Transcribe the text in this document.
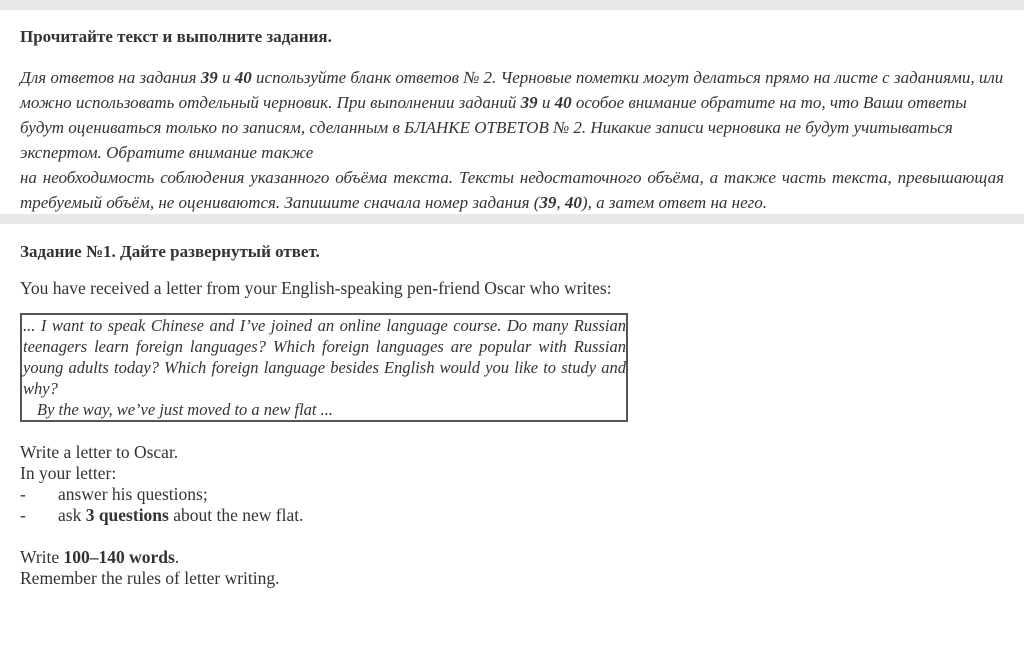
Прочитайте текст и выполните задания.

Для ответов на задания 39 и 40 используйте бланк ответов № 2. Черновые пометки могут делаться прямо на листе с заданиями, или можно использовать отдельный черновик. При выполнении заданий 39 и 40 особое внимание обратите на то, что Ваши ответы будут оцениваться только по записям, сделанным в БЛАНКЕ ОТВЕТОВ № 2. Никакие записи черновика не будут учитываться экспертом. Обратите внимание также

на необходимость соблюдения указанного объёма текста. Тексты недостаточного объёма, а также часть текста, превышающая требуемый объём, не оцениваются. Запишите сначала номер задания (39, 40), а затем ответ на него.

Задание №1. Дайте развернутый ответ.
You have received a letter from your English-speaking pen-friend Oscar who writes:

... I want to speak Chinese and I’ve joined an online language course. Do many Russian teenagers learn foreign languages? Which foreign languages are popular with Russian young adults today? Which foreign language besides English would you like to study and why?

By the way, we’ve just moved to a new flat ...

Write a letter to Oscar.

In your letter:

-	answer his questions;
-	ask 3 questions about the new flat.

Write 100–140 words.

Remember the rules of letter writing.
